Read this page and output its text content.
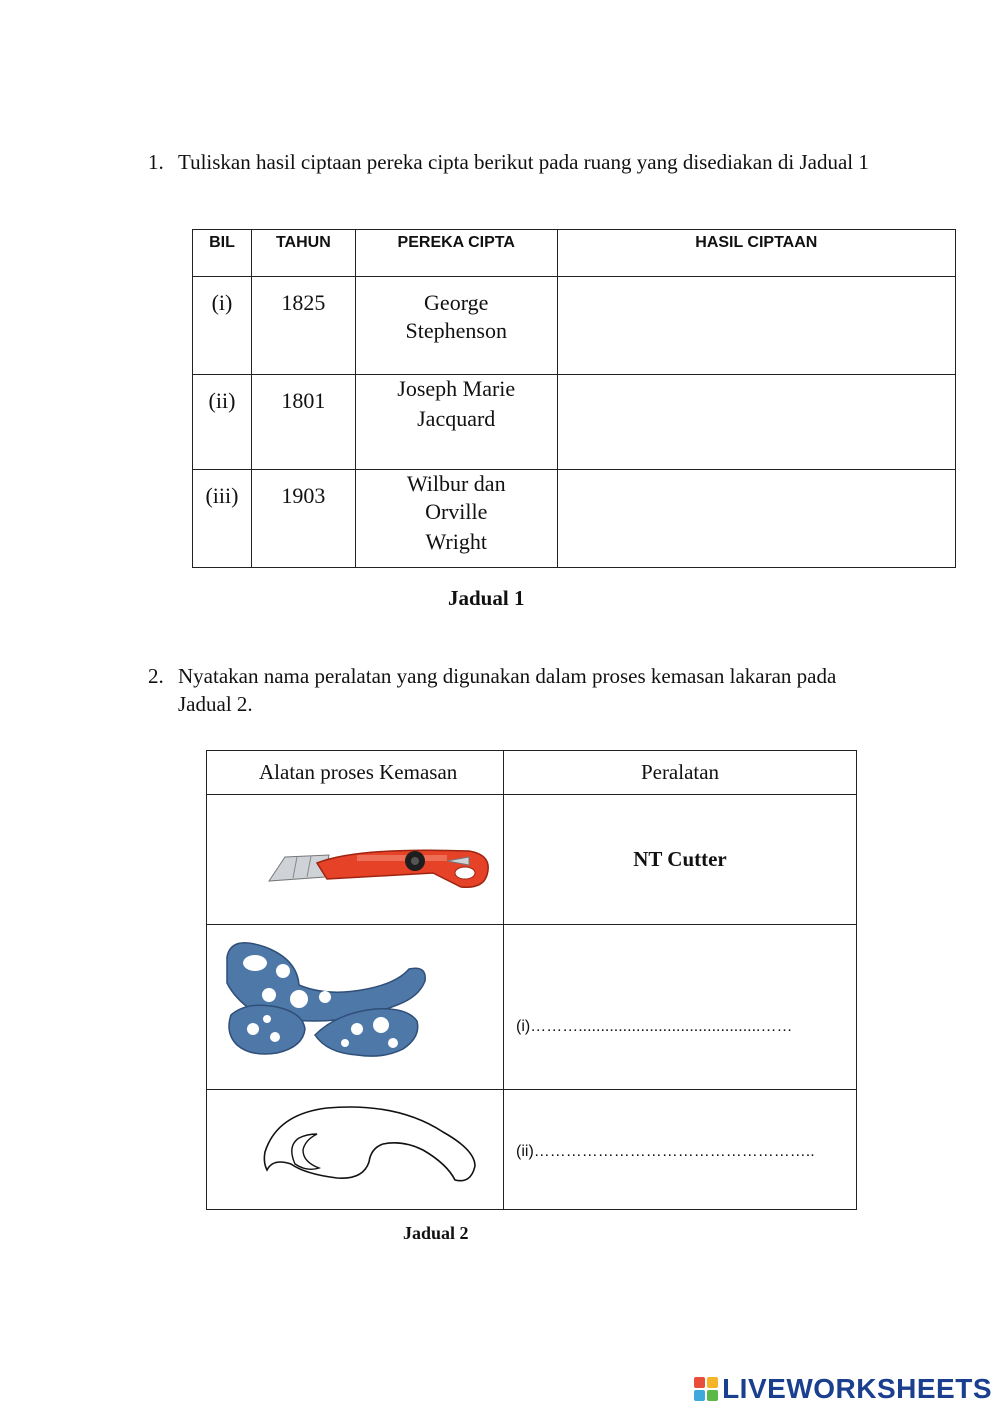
1. Tuliskan hasil ciptaan pereka cipta berikut pada ruang yang disediakan di Jadual 1
BIL	TAHUN	PEREKA CIPTA	HASIL CIPTAAN
(i)	1825	George
Stephenson	

(ii)	1801	Joseph Marie
Jacquard	

(iii)	1903	Wilbur dan
Orville
Wright	

Jadual 1
2. Nyatakan nama peralatan yang digunakan dalam proses kemasan lakaran pada Jadual 2.
Alatan proses Kemasan	Peralatan
	NT Cutter
	(i)……….........................................……
	(ii)……………………………………………..
Jadual 2
LIVEWORKSHEETS
